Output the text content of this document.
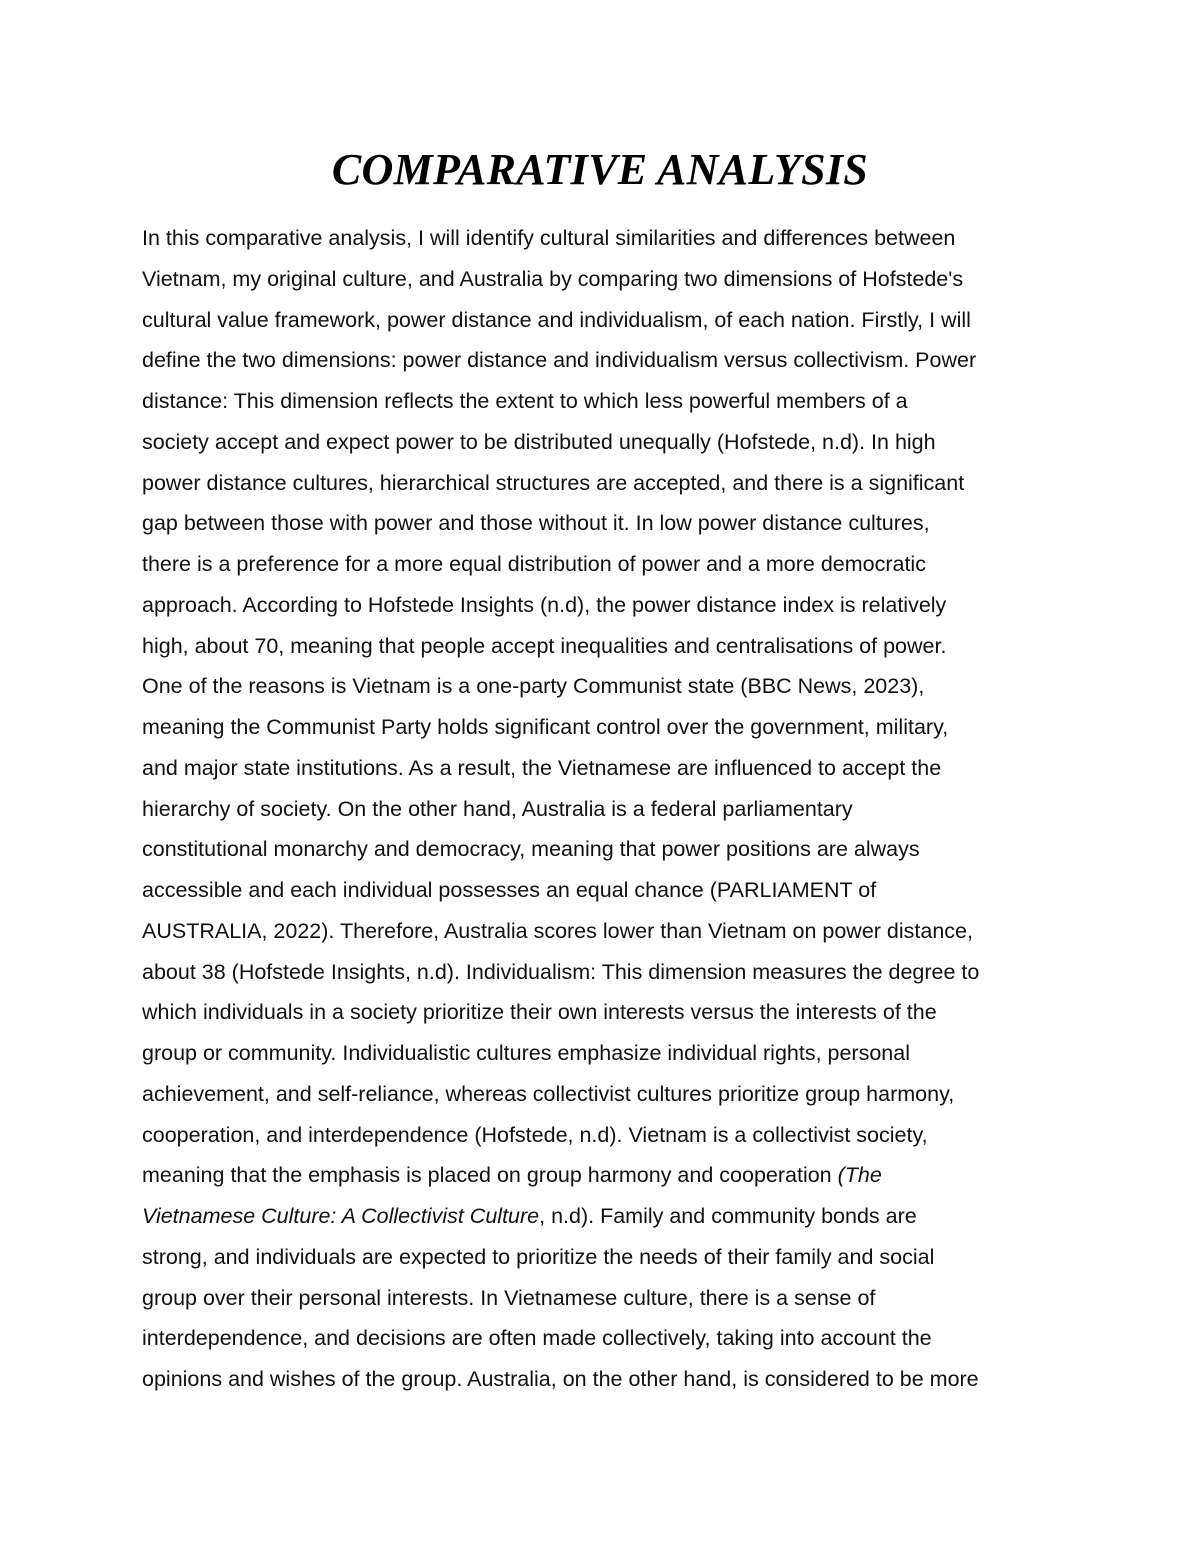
COMPARATIVE ANALYSIS
In this comparative analysis, I will identify cultural similarities and differences between
Vietnam, my original culture, and Australia by comparing two dimensions of Hofstede's
cultural value framework, power distance and individualism, of each nation. Firstly, I will
define the two dimensions: power distance and individualism versus collectivism. Power
distance: This dimension reflects the extent to which less powerful members of a
society accept and expect power to be distributed unequally (Hofstede, n.d). In high
power distance cultures, hierarchical structures are accepted, and there is a significant
gap between those with power and those without it. In low power distance cultures,
there is a preference for a more equal distribution of power and a more democratic
approach. According to Hofstede Insights (n.d), the power distance index is relatively
high, about 70, meaning that people accept inequalities and centralisations of power.
One of the reasons is Vietnam is a one-party Communist state (BBC News, 2023),
meaning the Communist Party holds significant control over the government, military,
and major state institutions. As a result, the Vietnamese are influenced to accept the
hierarchy of society. On the other hand, Australia is a federal parliamentary
constitutional monarchy and democracy, meaning that power positions are always
accessible and each individual possesses an equal chance (PARLIAMENT of
AUSTRALIA, 2022). Therefore, Australia scores lower than Vietnam on power distance,
about 38 (Hofstede Insights, n.d). Individualism: This dimension measures the degree to
which individuals in a society prioritize their own interests versus the interests of the
group or community. Individualistic cultures emphasize individual rights, personal
achievement, and self-reliance, whereas collectivist cultures prioritize group harmony,
cooperation, and interdependence (Hofstede, n.d). Vietnam is a collectivist society,
meaning that the emphasis is placed on group harmony and cooperation (The
Vietnamese Culture: A Collectivist Culture, n.d). Family and community bonds are
strong, and individuals are expected to prioritize the needs of their family and social
group over their personal interests. In Vietnamese culture, there is a sense of
interdependence, and decisions are often made collectively, taking into account the
opinions and wishes of the group. Australia, on the other hand, is considered to be more
